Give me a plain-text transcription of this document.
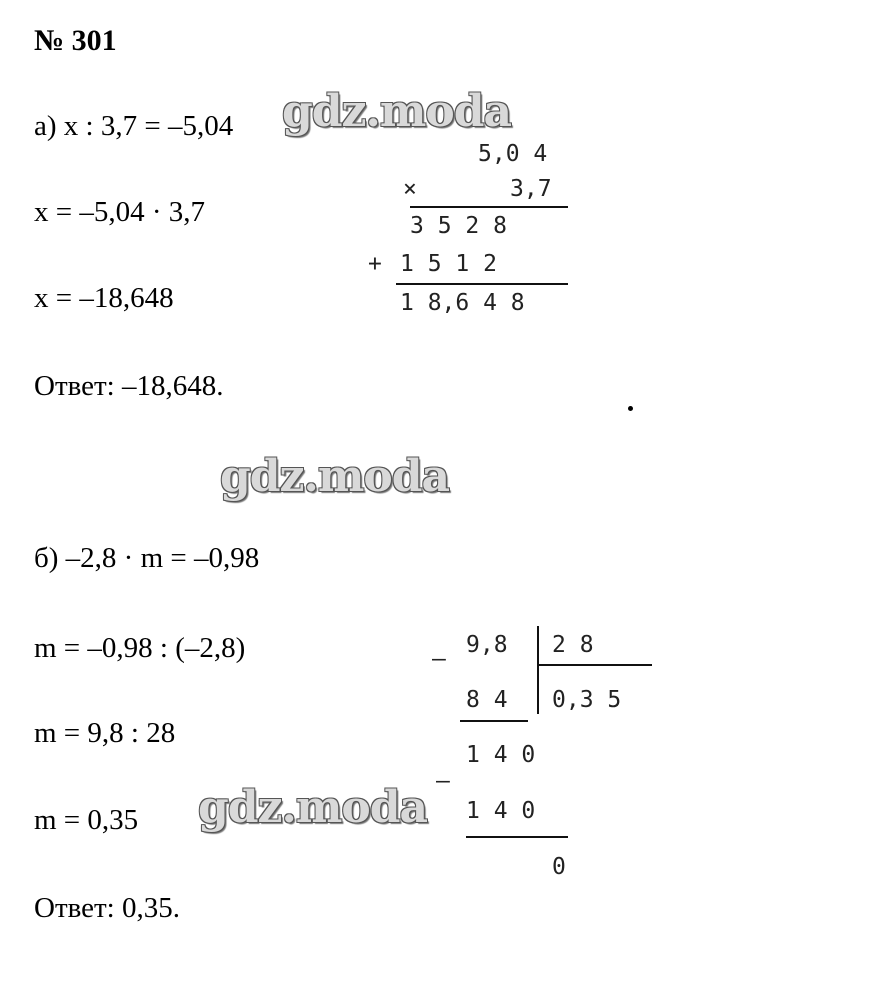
№ 301
а) x : 3,7 = –5,04 gdz.moda
x = –5,04 · 3,7
x = –18,648
Ответ: –18,648.
5,0 4
×	3,7
3 5 2 8
+ 1 5 1 2
1 8,6 4 8
gdz.moda
б) –2,8 · m = –0,98
m = –0,98 : (–2,8)
m = 9,8 : 28
m = 0,35 gdz.moda
Ответ: 0,35.
–
9,8 2 8
8 4 0,3 5
1 4 0
–
1 4 0
0
